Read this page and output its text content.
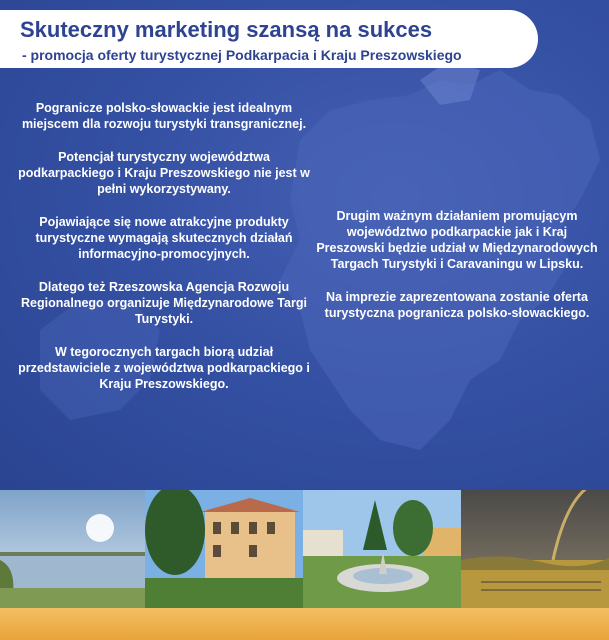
Skuteczny marketing szansą na sukces
- promocja oferty turystycznej Podkarpacia i Kraju Preszowskiego

Pogranicze polsko-słowackie jest idealnym miejscem dla rozwoju turystyki transgranicznej.

Potencjał turystyczny województwa podkarpackiego i Kraju Preszowskiego nie jest w pełni wykorzystywany.

Pojawiające się nowe atrakcyjne produkty turystyczne wymagają skutecznych działań informacyjno-promocyjnych.

Dlatego też Rzeszowska Agencja Rozwoju Regionalnego organizuje Międzynarodowe Targi Turystyki.

W tegorocznych targach biorą udział przedstawiciele z województwa podkarpackiego i Kraju Preszowskiego.

Drugim ważnym działaniem promującym województwo podkarpackie jak i Kraj Preszowski będzie udział w Międzynarodowych Targach Turystyki i Caravaningu w Lipsku.

Na imprezie zaprezentowana zostanie oferta turystyczna pogranicza polsko-słowackiego.
